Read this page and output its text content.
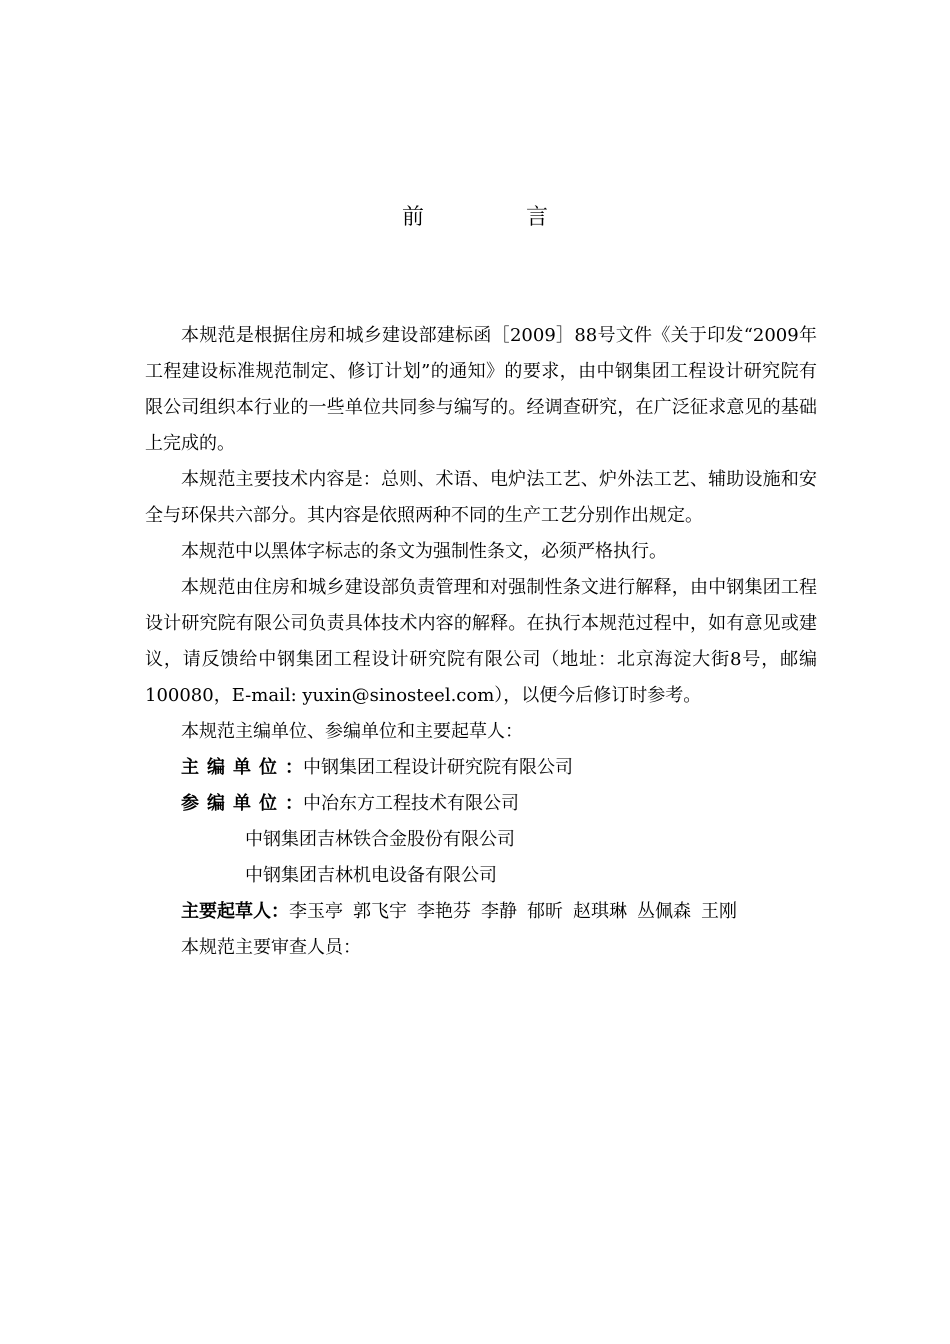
前　言

本规范是根据住房和城乡建设部建标函［2009］88号文件《关于印发“2009年工程建设标准规范制定、修订计划”的通知》的要求，由中钢集团工程设计研究院有限公司组织本行业的一些单位共同参与编写的。经调查研究，在广泛征求意见的基础上完成的。

本规范主要技术内容是：总则、术语、电炉法工艺、炉外法工艺、辅助设施和安全与环保共六部分。其内容是依照两种不同的生产工艺分别作出规定。

本规范中以黑体字标志的条文为强制性条文，必须严格执行。

本规范由住房和城乡建设部负责管理和对强制性条文进行解释，由中钢集团工程设计研究院有限公司负责具体技术内容的解释。在执行本规范过程中，如有意见或建议，请反馈给中钢集团工程设计研究院有限公司（地址：北京海淀大街8号，邮编100080，E-mail: yuxin@sinosteel.com），以便今后修订时参考。

本规范主编单位、参编单位和主要起草人：

主编单位：中钢集团工程设计研究院有限公司
参编单位：中冶东方工程技术有限公司
中钢集团吉林铁合金股份有限公司
中钢集团吉林机电设备有限公司
主要起草人：李玉亭 郭飞宇 李艳芬 李静 郁昕 赵琪琳 丛佩森 王刚
本规范主要审查人员：
